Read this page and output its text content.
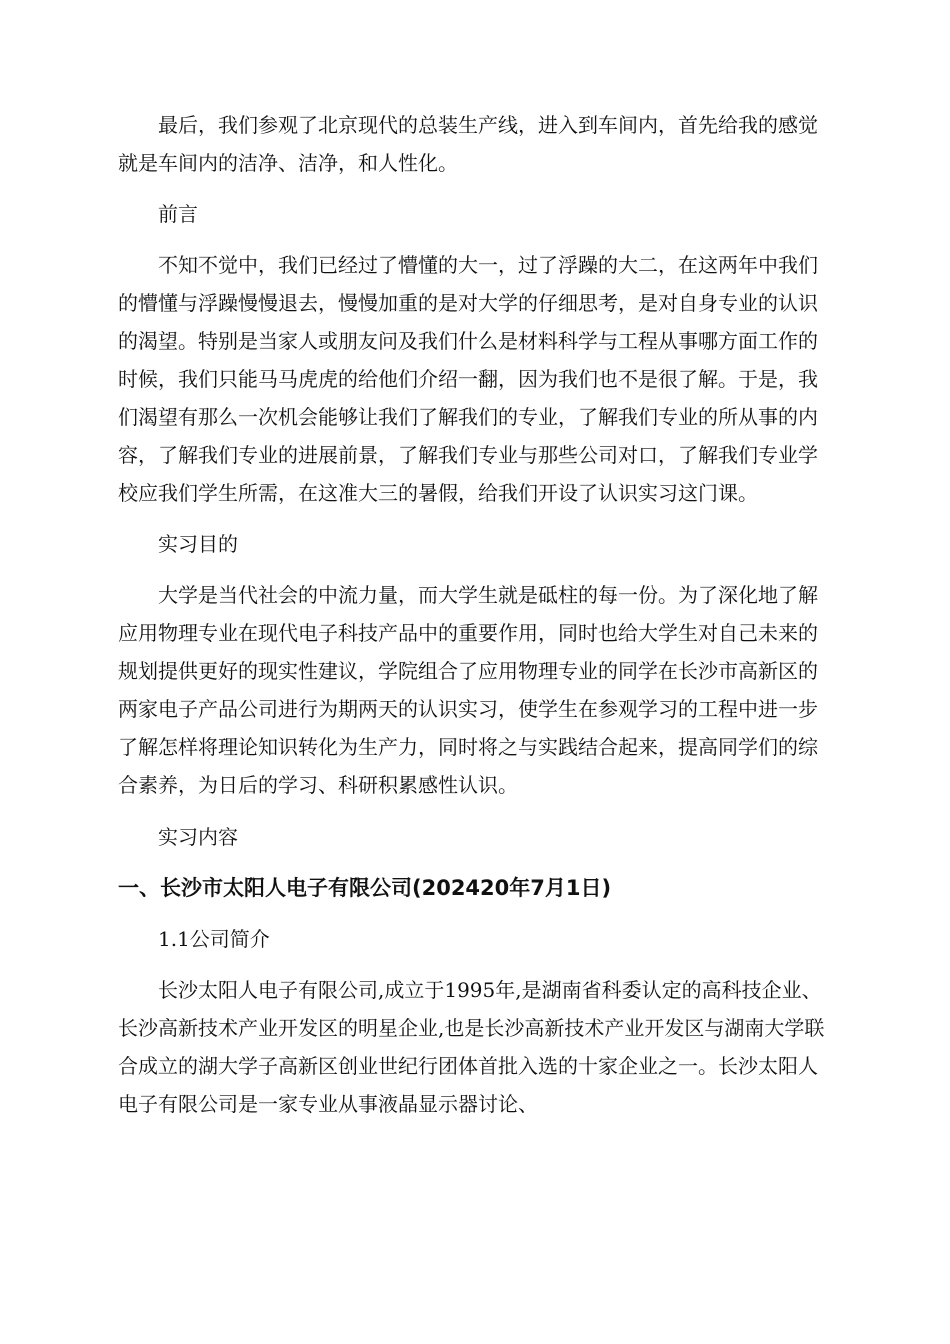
最后，我们参观了北京现代的总装生产线，进入到车间内，首先给我的感觉就是车间内的洁净、洁净，和人性化。

前言

不知不觉中，我们已经过了懵懂的大一，过了浮躁的大二，在这两年中我们的懵懂与浮躁慢慢退去，慢慢加重的是对大学的仔细思考，是对自身专业的认识的渴望。特别是当家人或朋友问及我们什么是材料科学与工程从事哪方面工作的时候，我们只能马马虎虎的给他们介绍一翻，因为我们也不是很了解。于是，我们渴望有那么一次机会能够让我们了解我们的专业，了解我们专业的所从事的内容，了解我们专业的进展前景，了解我们专业与那些公司对口，了解我们专业学校应我们学生所需，在这准大三的暑假，给我们开设了认识实习这门课。

实习目的

大学是当代社会的中流力量，而大学生就是砥柱的每一份。为了深化地了解应用物理专业在现代电子科技产品中的重要作用，同时也给大学生对自己未来的规划提供更好的现实性建议，学院组合了应用物理专业的同学在长沙市高新区的两家电子产品公司进行为期两天的认识实习，使学生在参观学习的工程中进一步了解怎样将理论知识转化为生产力，同时将之与实践结合起来，提高同学们的综合素养，为日后的学习、科研积累感性认识。

实习内容

一、长沙市太阳人电子有限公司(202420年7月1日)

1.1公司简介

长沙太阳人电子有限公司,成立于1995年,是湖南省科委认定的高科技企业、长沙高新技术产业开发区的明星企业,也是长沙高新技术产业开发区与湖南大学联合成立的湖大学子高新区创业世纪行团体首批入选的十家企业之一。长沙太阳人电子有限公司是一家专业从事液晶显示器讨论、
